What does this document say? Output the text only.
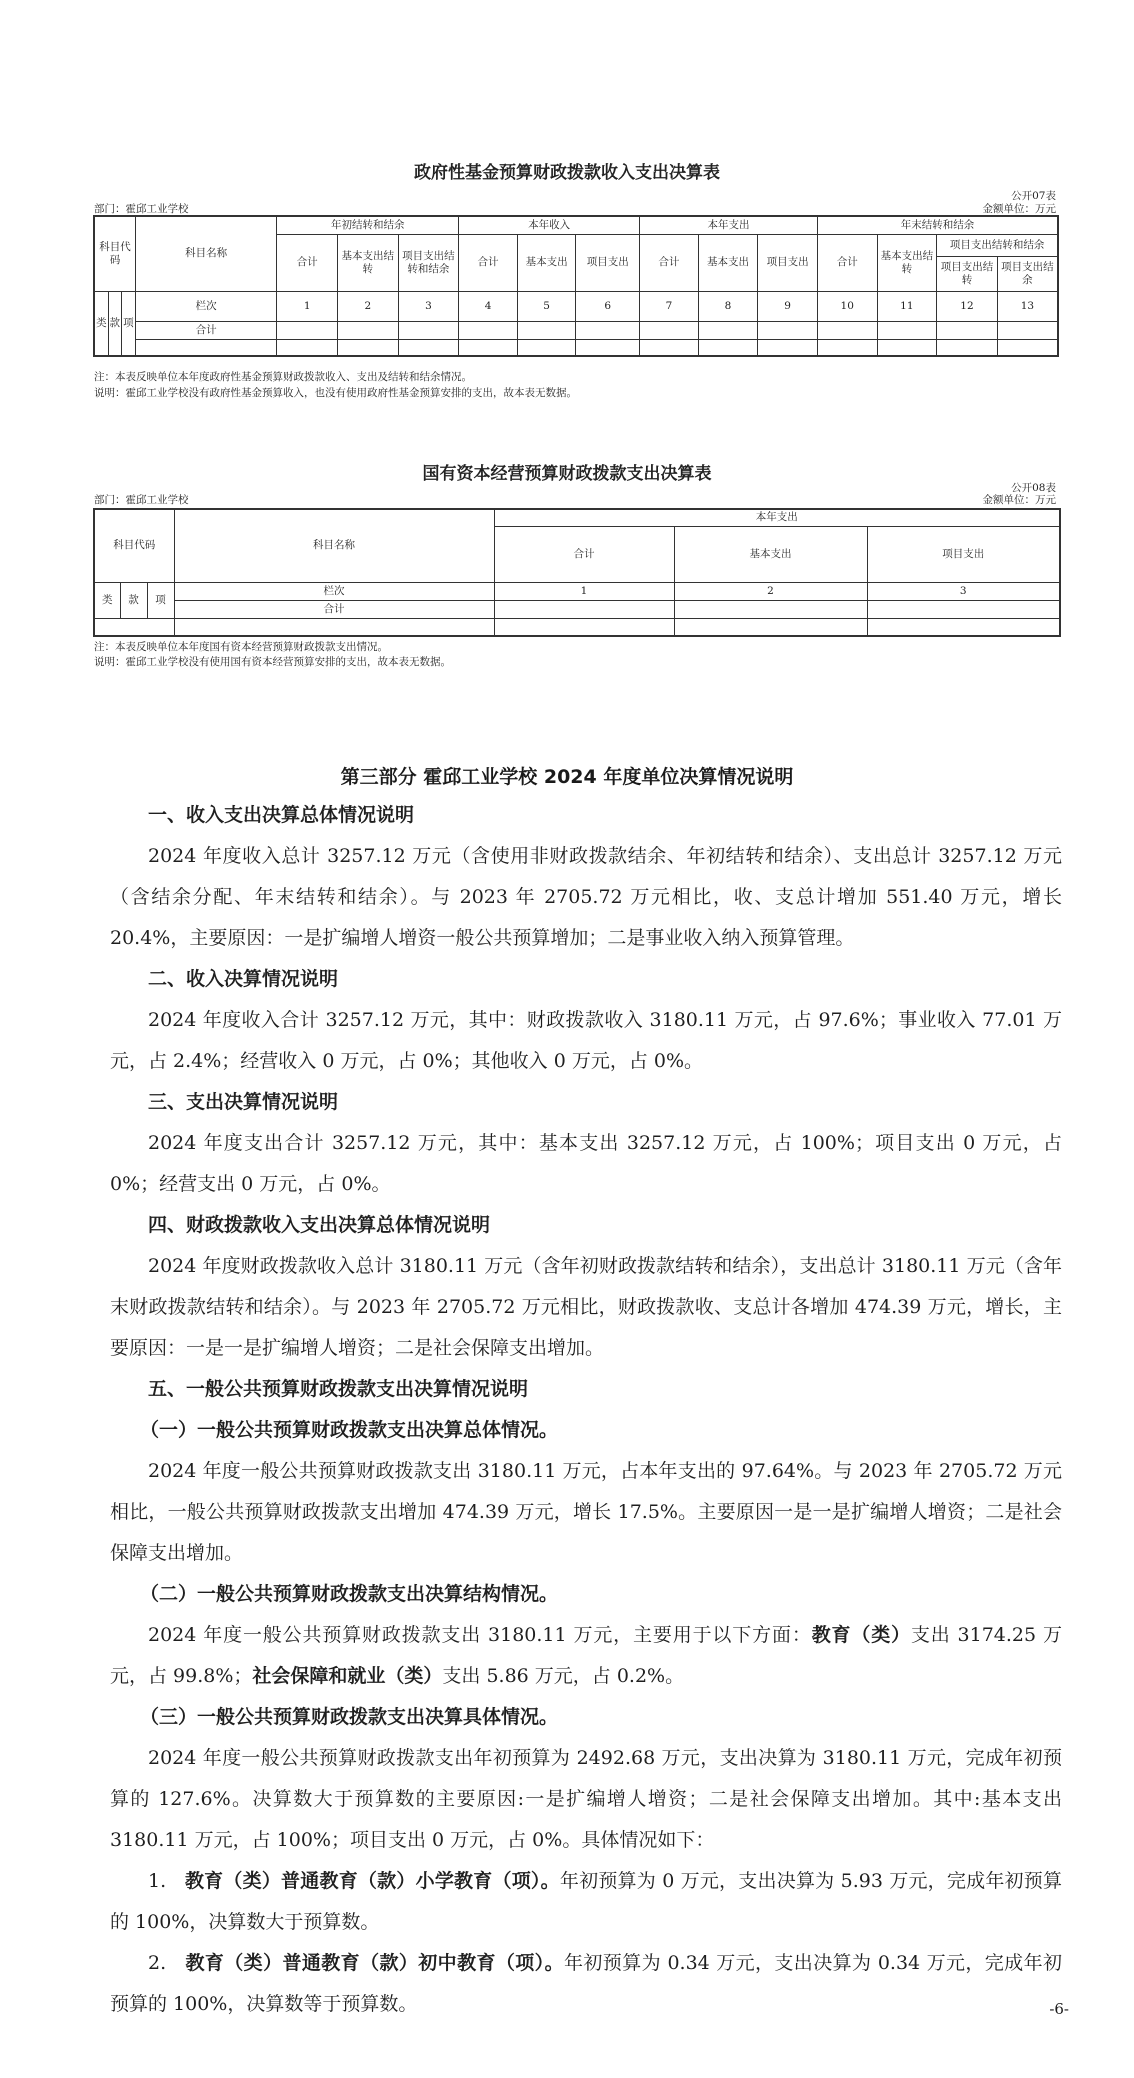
政府性基金预算财政拨款收入支出决算表
公开07表
金额单位：万元
部门：霍邱工业学校
科目代码			科目名称	年初结转和结余			本年收入			本年支出			年末结转和结余			
				合计	基本支出结转	项目支出结转和结余	合计	基本支出	项目支出	合计	基本支出	项目支出	合计	基本支出结转	项目支出结转和结余	
															项目支出结转	项目支出结余
类	款	项	栏次	1	2	3	4	5	6	7	8	9	10	11	12	13
			合计													

注：本表反映单位本年度政府性基金预算财政拨款收入、支出及结转和结余情况。
说明：霍邱工业学校没有政府性基金预算收入，也没有使用政府性基金预算安排的支出，故本表无数据。
国有资本经营预算财政拨款支出决算表
公开08表
金额单位：万元
部门：霍邱工业学校
科目代码			科目名称	本年支出		
				合计	基本支出	项目支出
类	款	项	栏次	1	2	3
			合计			

注：本表反映单位本年度国有资本经营预算财政拨款支出情况。
说明：霍邱工业学校没有使用国有资本经营预算安排的支出，故本表无数据。
第三部分 霍邱工业学校 2024 年度单位决算情况说明

一、收入支出决算总体情况说明

2024 年度收入总计 3257.12 万元（含使用非财政拨款结余、年初结转和结余）、支出总计 3257.12 万元（含结余分配、年末结转和结余）。与 2023 年 2705.72 万元相比，收、支总计增加 551.40 万元，增长 20.4%，主要原因：一是扩编增人增资一般公共预算增加；二是事业收入纳入预算管理。

二、收入决算情况说明

2024 年度收入合计 3257.12 万元，其中：财政拨款收入 3180.11 万元，占 97.6%；事业收入 77.01 万元，占 2.4%；经营收入 0 万元，占 0%；其他收入 0 万元，占 0%。

三、支出决算情况说明

2024 年度支出合计 3257.12 万元，其中：基本支出 3257.12 万元，占 100%；项目支出 0 万元，占 0%；经营支出 0 万元，占 0%。

四、财政拨款收入支出决算总体情况说明

2024 年度财政拨款收入总计 3180.11 万元（含年初财政拨款结转和结余），支出总计 3180.11 万元（含年末财政拨款结转和结余）。与 2023 年 2705.72 万元相比，财政拨款收、支总计各增加 474.39 万元，增长，主要原因：一是一是扩编增人增资；二是社会保障支出增加。

五、一般公共预算财政拨款支出决算情况说明

（一）一般公共预算财政拨款支出决算总体情况。

2024 年度一般公共预算财政拨款支出 3180.11 万元，占本年支出的 97.64%。与 2023 年 2705.72 万元相比，一般公共预算财政拨款支出增加 474.39 万元，增长 17.5%。主要原因一是一是扩编增人增资；二是社会保障支出增加。

（二）一般公共预算财政拨款支出决算结构情况。

2024 年度一般公共预算财政拨款支出 3180.11 万元，主要用于以下方面：教育（类）支出 3174.25 万元，占 99.8%；社会保障和就业（类）支出 5.86 万元，占 0.2%。

（三）一般公共预算财政拨款支出决算具体情况。

2024 年度一般公共预算财政拨款支出年初预算为 2492.68 万元，支出决算为 3180.11 万元，完成年初预算的 127.6%。决算数大于预算数的主要原因:一是扩编增人增资；二是社会保障支出增加。其中:基本支出 3180.11 万元，占 100%；项目支出 0 万元，占 0%。具体情况如下：

1. 教育（类）普通教育（款）小学教育（项）。年初预算为 0 万元，支出决算为 5.93 万元，完成年初预算的 100%，决算数大于预算数。

2. 教育（类）普通教育（款）初中教育（项）。年初预算为 0.34 万元，支出决算为 0.34 万元，完成年初预算的 100%，决算数等于预算数。	-6-
